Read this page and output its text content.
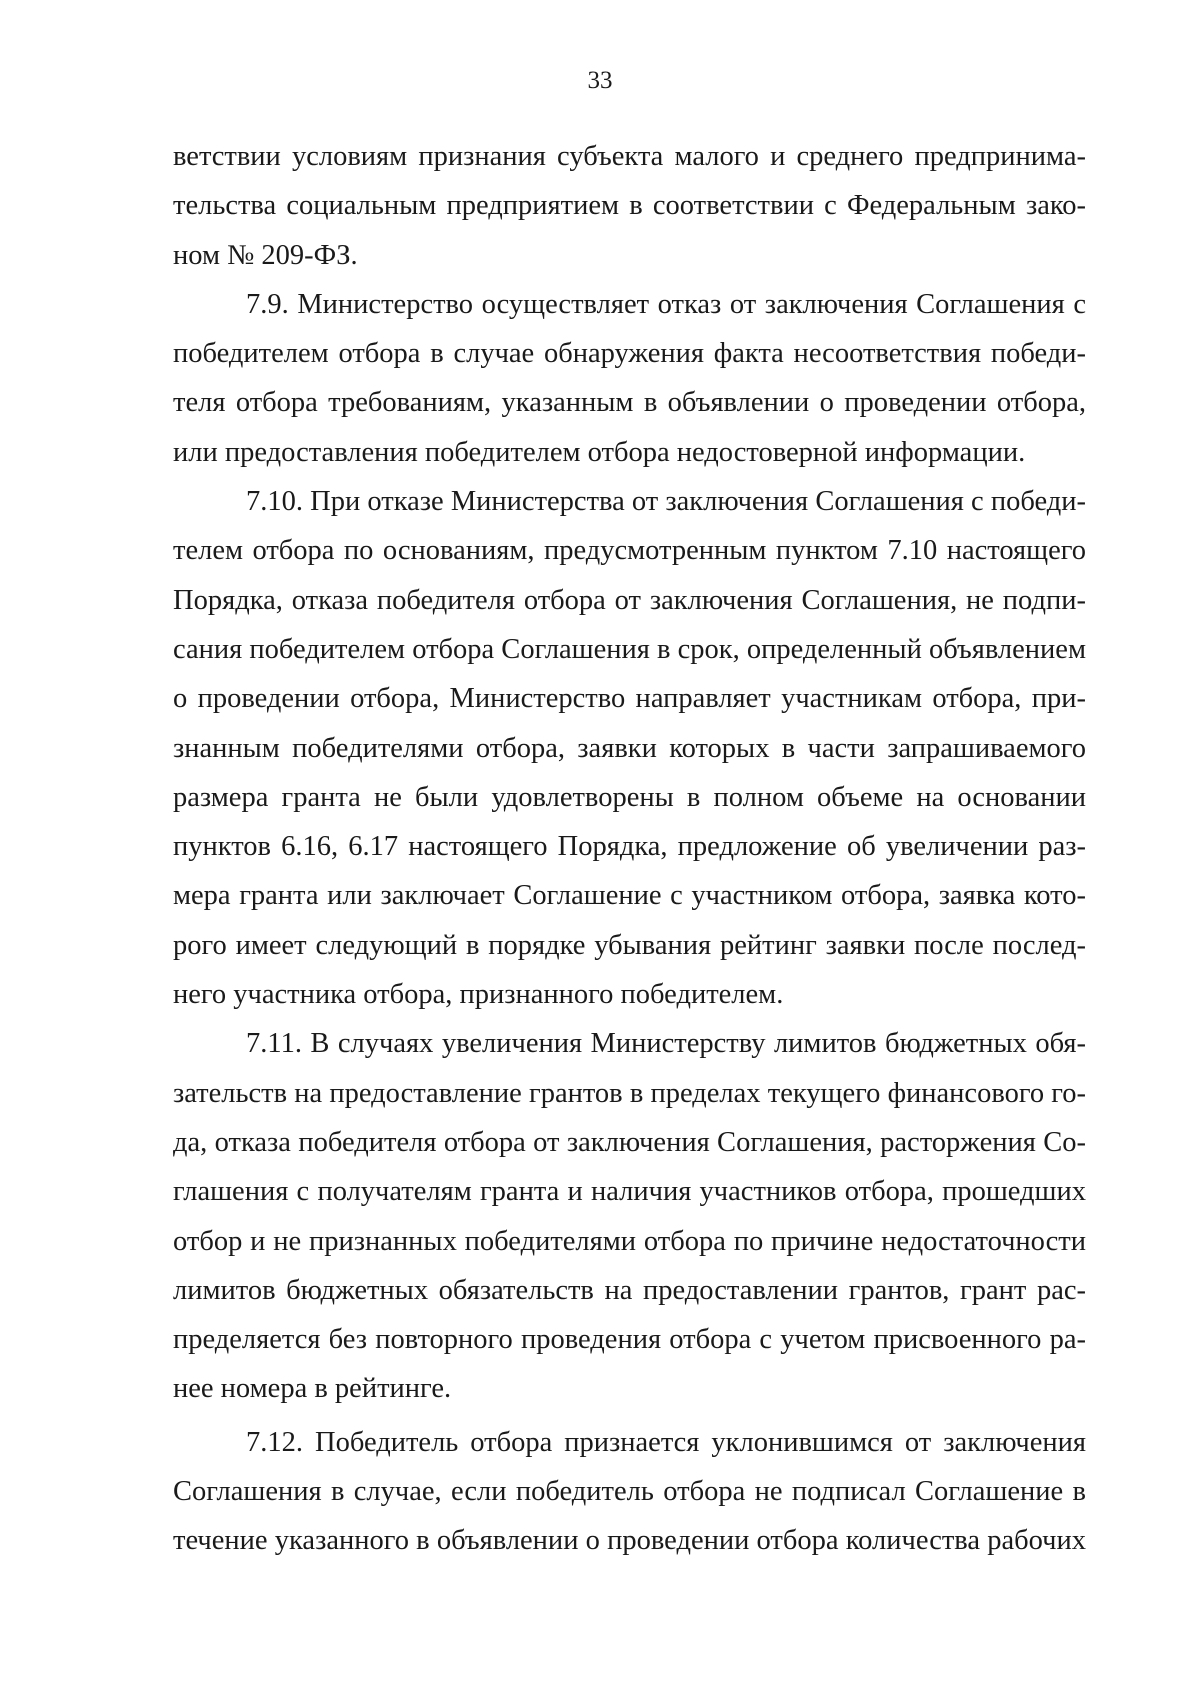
33
ветствии условиям признания субъекта малого и среднего предпринима-
тельства социальным предприятием в соответствии с Федеральным зако-
ном № 209-ФЗ.
7.9. Министерство осуществляет отказ от заключения Соглашения с
победителем отбора в случае обнаружения факта несоответствия победи-
теля отбора требованиям, указанным в объявлении о проведении отбора,
или предоставления победителем отбора недостоверной информации.
7.10. При отказе Министерства от заключения Соглашения с победи-
телем отбора по основаниям, предусмотренным пунктом 7.10 настоящего
Порядка, отказа победителя отбора от заключения Соглашения, не подпи-
сания победителем отбора Соглашения в срок, определенный объявлением
о проведении отбора, Министерство направляет участникам отбора, при-
знанным победителями отбора, заявки которых в части запрашиваемого
размера гранта не были удовлетворены в полном объеме на основании
пунктов 6.16, 6.17 настоящего Порядка, предложение об увеличении раз-
мера гранта или заключает Соглашение с участником отбора, заявка кото-
рого имеет следующий в порядке убывания рейтинг заявки после послед-
него участника отбора, признанного победителем.
7.11. В случаях увеличения Министерству лимитов бюджетных обя-
зательств на предоставление грантов в пределах текущего финансового го-
да, отказа победителя отбора от заключения Соглашения, расторжения Со-
глашения с получателям гранта и наличия участников отбора, прошедших
отбор и не признанных победителями отбора по причине недостаточности
лимитов бюджетных обязательств на предоставлении грантов, грант рас-
пределяется без повторного проведения отбора с учетом присвоенного ра-
нее номера в рейтинге.
7.12. Победитель отбора признается уклонившимся от заключения
Соглашения в случае, если победитель отбора не подписал Соглашение в
течение указанного в объявлении о проведении отбора количества рабочих
